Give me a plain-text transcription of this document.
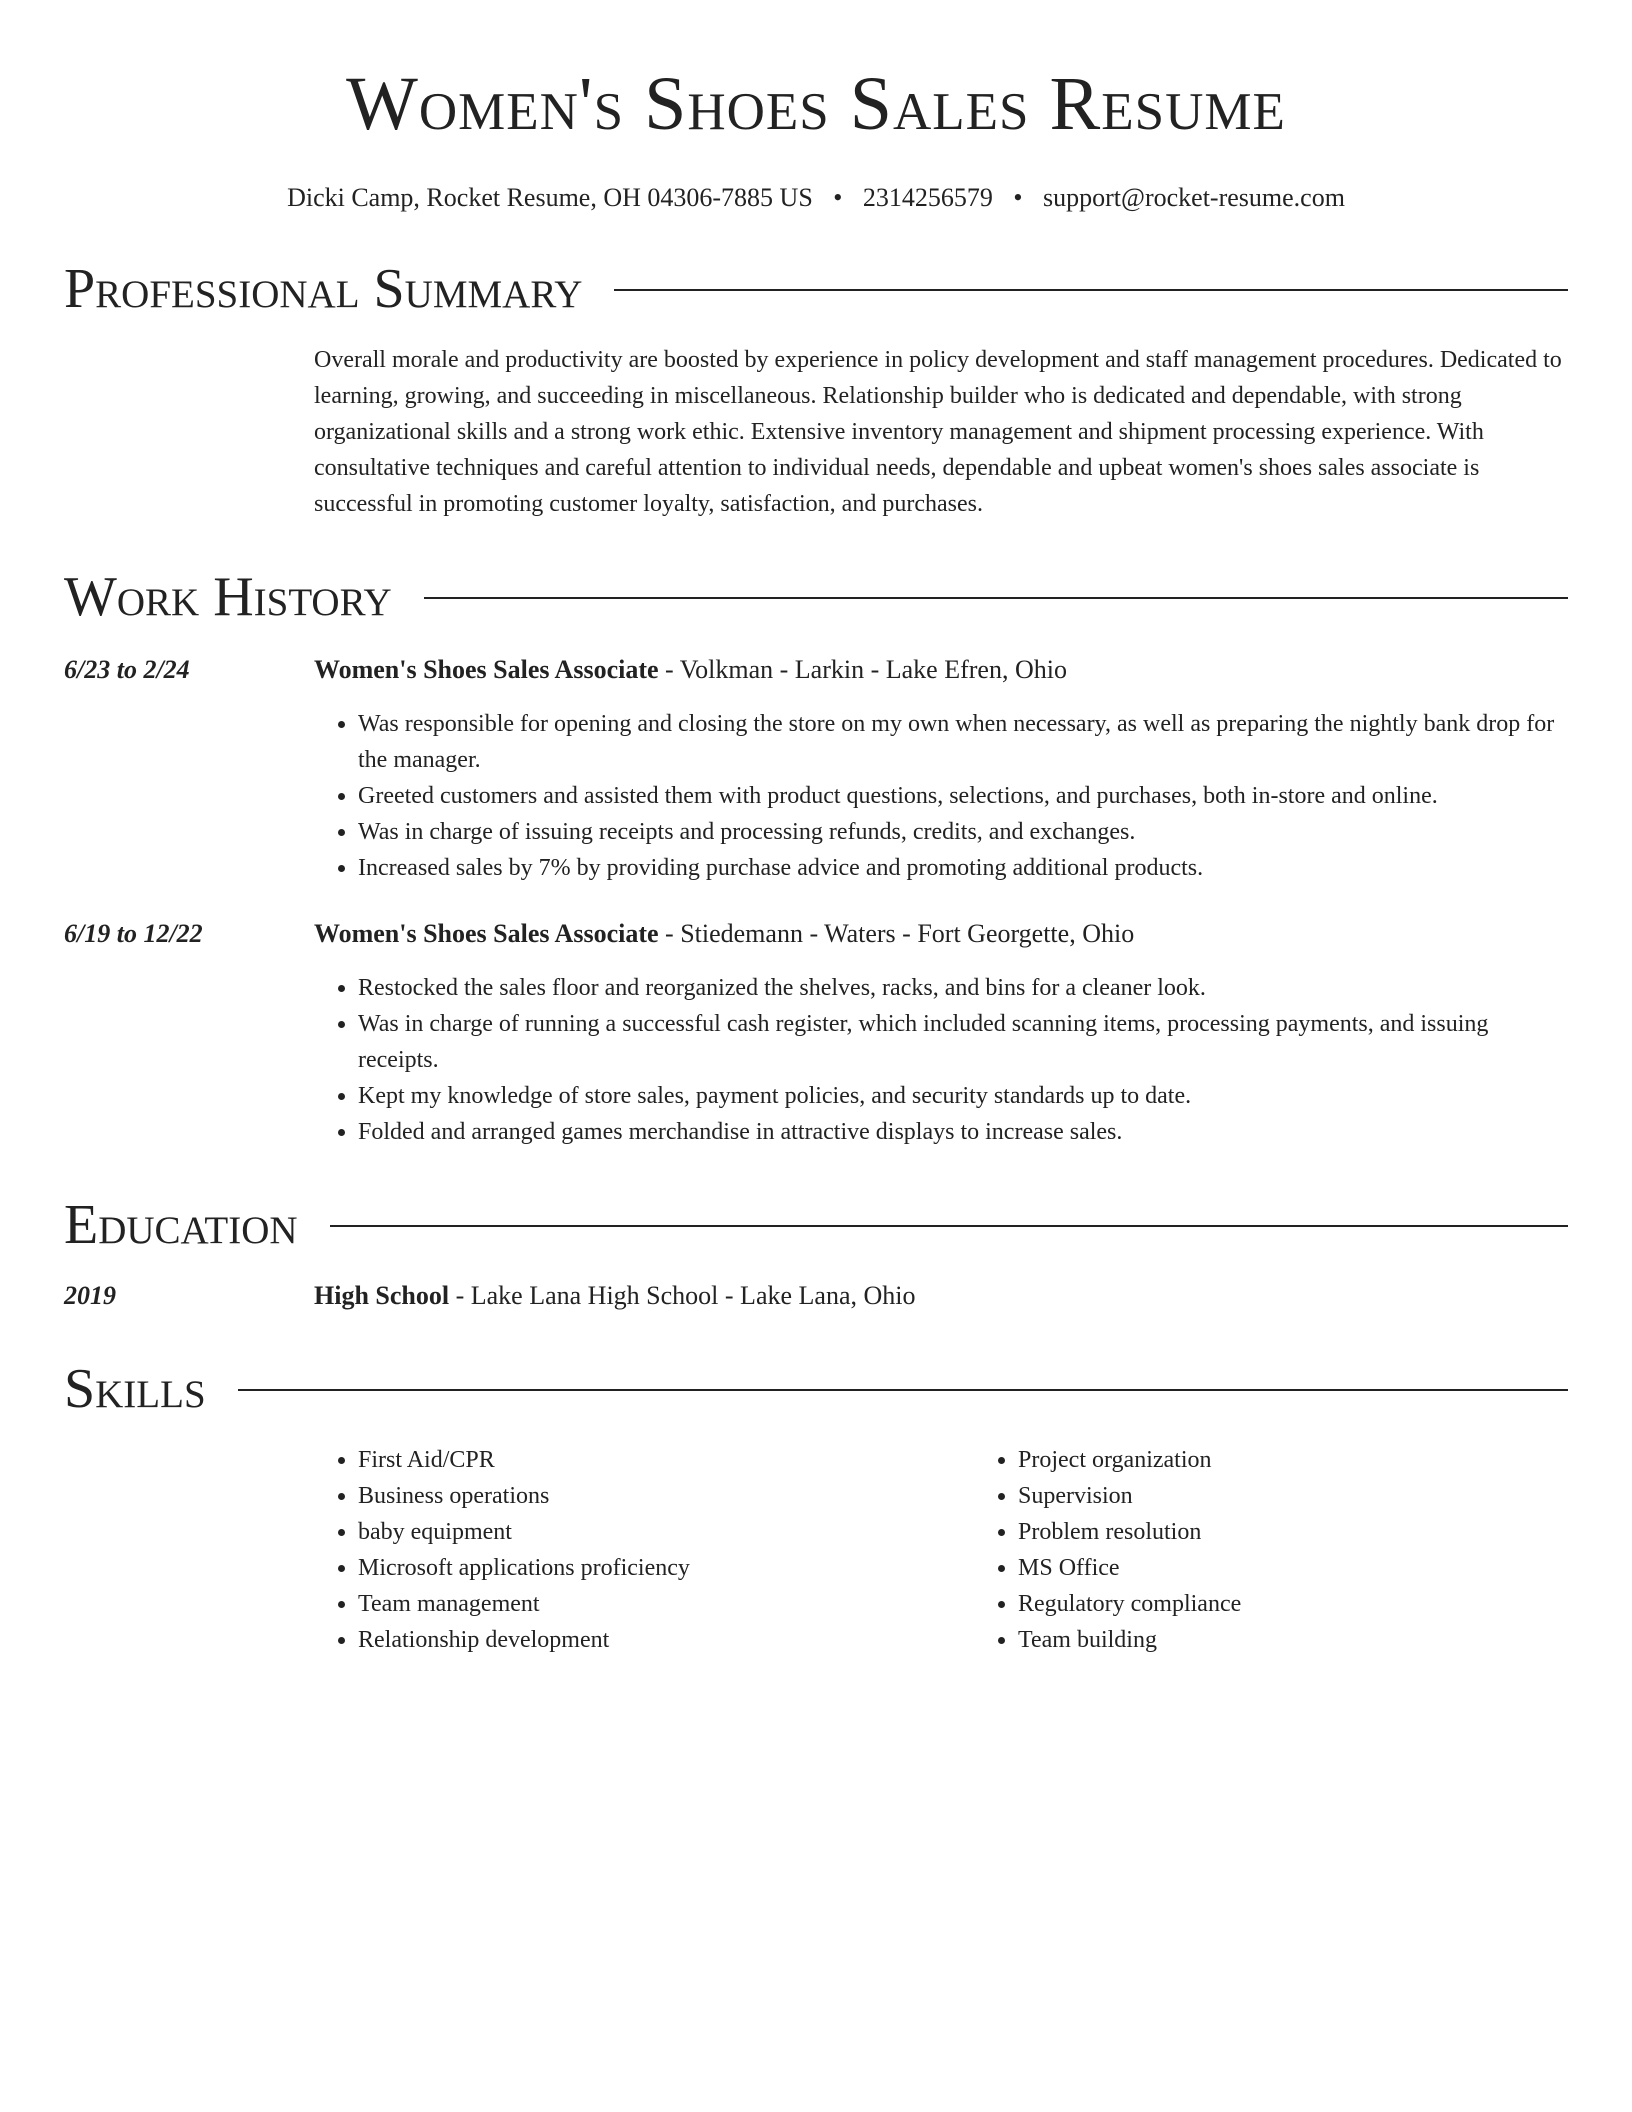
Women's Shoes Sales Resume
Dicki Camp, Rocket Resume, OH 04306-7885 US • 2314256579 • support@rocket-resume.com
Professional Summary

Overall morale and productivity are boosted by experience in policy development and staff management procedures. Dedicated to learning, growing, and succeeding in miscellaneous. Relationship builder who is dedicated and dependable, with strong organizational skills and a strong work ethic. Extensive inventory management and shipment processing experience. With consultative techniques and careful attention to individual needs, dependable and upbeat women's shoes sales associate is successful in promoting customer loyalty, satisfaction, and purchases.

Work History
6/23 to 2/24	Women's Shoes Sales Associate - Volkman - Larkin - Lake Efren, Ohio
• Was responsible for opening and closing the store on my own when necessary, as well as preparing the nightly bank drop for the manager.
• Greeted customers and assisted them with product questions, selections, and purchases, both in-store and online.
• Was in charge of issuing receipts and processing refunds, credits, and exchanges.
• Increased sales by 7% by providing purchase advice and promoting additional products.
6/19 to 12/22	Women's Shoes Sales Associate - Stiedemann - Waters - Fort Georgette, Ohio
• Restocked the sales floor and reorganized the shelves, racks, and bins for a cleaner look.
• Was in charge of running a successful cash register, which included scanning items, processing payments, and issuing receipts.
• Kept my knowledge of store sales, payment policies, and security standards up to date.
• Folded and arranged games merchandise in attractive displays to increase sales.
Education
2019	High School - Lake Lana High School - Lake Lana, Ohio
Skills
• First Aid/CPR
• Business operations
• baby equipment
• Microsoft applications proficiency
• Team management
• Relationship development
• Project organization
• Supervision
• Problem resolution
• MS Office
• Regulatory compliance
• Team building
